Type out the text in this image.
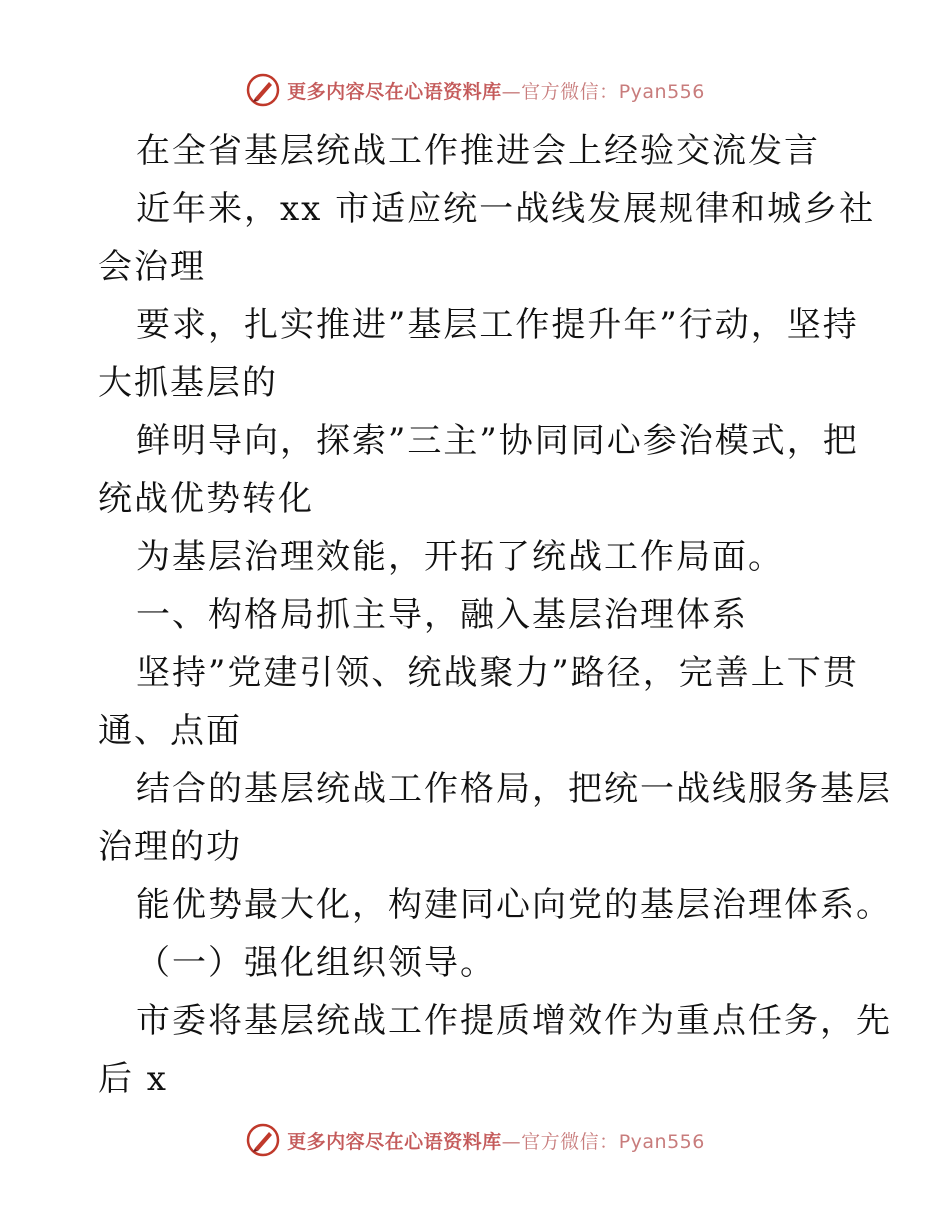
更多内容尽在心语资料库—官方微信：Pyan556
在全省基层统战工作推进会上经验交流发言
近年来，xx 市适应统一战线发展规律和城乡社
会治理
要求，扎实推进”基层工作提升年”行动，坚持
大抓基层的
鲜明导向，探索”三主”协同同心参治模式，把
统战优势转化
为基层治理效能，开拓了统战工作局面。
一、构格局抓主导，融入基层治理体系
坚持”党建引领、统战聚力”路径，完善上下贯
通、点面
结合的基层统战工作格局，把统一战线服务基层
治理的功
能优势最大化，构建同心向党的基层治理体系。
（一）强化组织领导。
市委将基层统战工作提质增效作为重点任务，先
后 x
更多内容尽在心语资料库—官方微信：Pyan556
